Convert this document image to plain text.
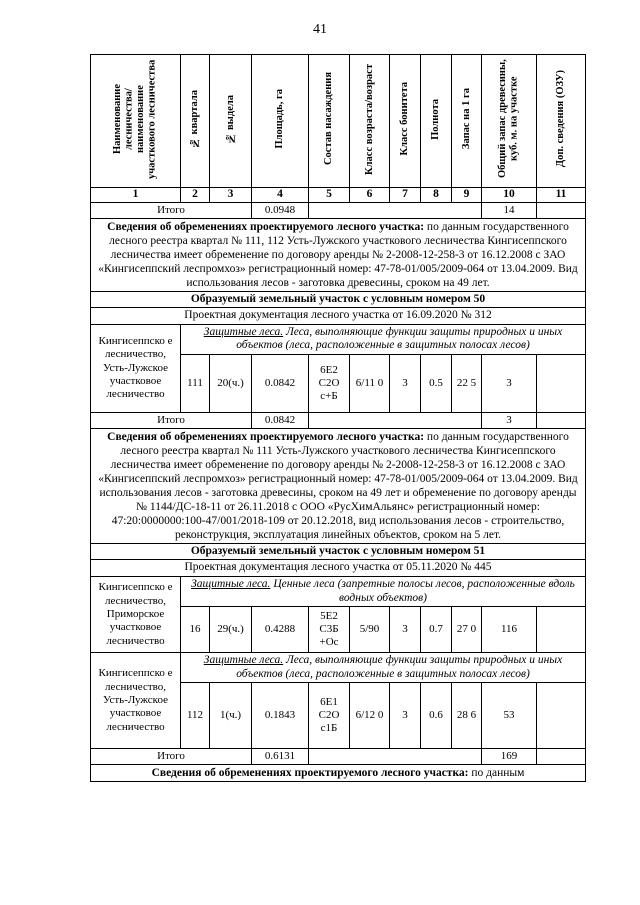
41
Наименование лесничества/ наименование участкового лесничества	№ квартала	№ выдела	Площадь, га	Состав насаждения	Класс возраста/возраст	Класс бонитета	Полнота	Запас на 1 га	Общий запас древесины, куб. м. на участке	Доп. сведения (ОЗУ)
1	2	3	4	5	6	7	8	9	10	11
Итого			0.0948						14	
Сведения об обременениях проектируемого лесного участка: по данным государственного лесного реестра квартал № 111, 112 Усть-Лужского участкового лесничества Кингисеппского лесничества имеет обременение по договору аренды № 2-2008-12-258-3 от 16.12.2008 с ЗАО «Кингисеппский леспромхоз» регистрационный номер: 47-78-01/005/2009-064 от 13.04.2009. Вид использования лесов - заготовка древесины, сроком на 49 лет.										
Образуемый земельный участок с условным номером 50										
Проектная документация лесного участка от 16.09.2020 № 312										
Кингисеппско е лесничество, Усть-Лужское участковое лесничество	Защитные леса. Леса, выполняющие функции защиты природных и иных объектов (леса, расположенные в защитных полосах лесов)									
	111	20(ч.)	0.0842	6Е2 С2О с+Б	6/11 0	3	0.5	22 5	3	
Итого			0.0842						3	
Сведения об обременениях проектируемого лесного участка: по данным государственного лесного реестра квартал № 111 Усть-Лужского участкового лесничества Кингисеппского лесничества имеет обременение по договору аренды № 2-2008-12-258-3 от 16.12.2008 с ЗАО «Кингисеппский леспромхоз» регистрационный номер: 47-78-01/005/2009-064 от 13.04.2009. Вид использования лесов - заготовка древесины, сроком на 49 лет и обременение по договору аренды № 1144/ДС-18-11 от 26.11.2018 с ООО «РусХимАльянс» регистрационный номер: 47:20:0000000:100-47/001/2018-109 от 20.12.2018, вид использования лесов - строительство, реконструкция, эксплуатация линейных объектов, сроком на 5 лет.										
Образуемый земельный участок с условным номером 51										
Проектная документация лесного участка от 05.11.2020 № 445										
Кингисеппско е лесничество, Приморское участковое лесничество	Защитные леса. Ценные леса (запретные полосы лесов, расположенные вдоль водных объектов)									
	16	29(ч.)	0.4288	5Е2 С3Б +Ос	5/90	3	0.7	27 0	116	
Кингисеппско е лесничество, Усть-Лужское участковое лесничество	Защитные леса. Леса, выполняющие функции защиты природных и иных объектов (леса, расположенные в защитных полосах лесов)									
	112	1(ч.)	0.1843	6Е1 С2О с1Б	6/12 0	3	0.6	28 6	53	
Итого			0.6131						169	
Сведения об обременениях проектируемого лесного участка: по данным										
